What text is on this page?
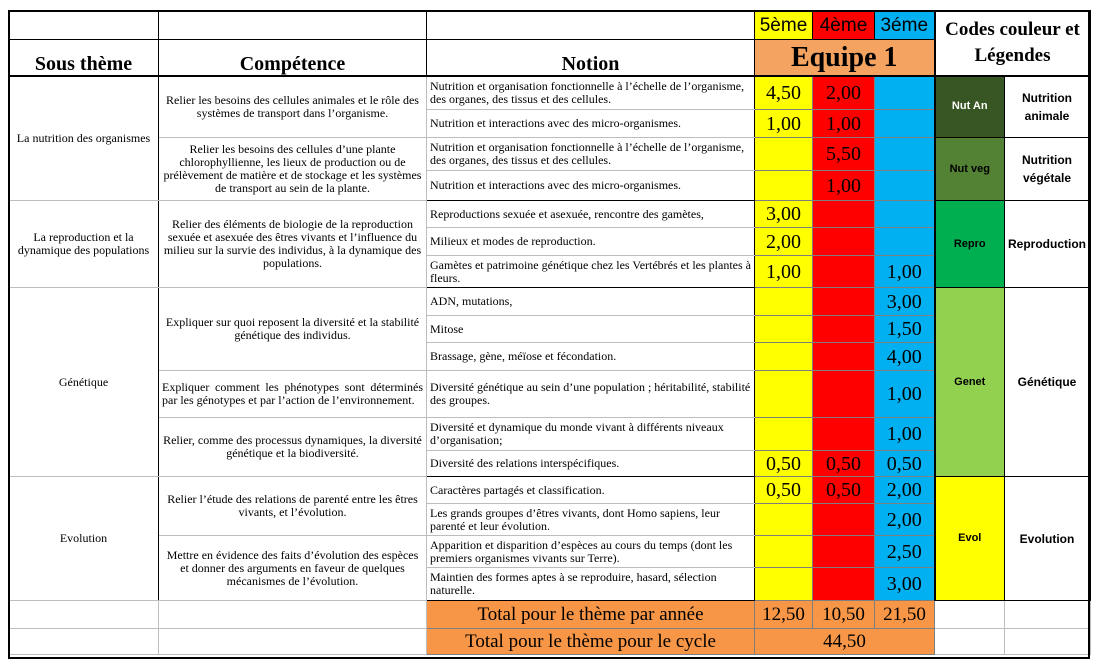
			5ème	4ème	3éme	Codes couleur et Légendes	
Sous thème	Compétence	Notion	Equipe 1				
La nutrition des organismes	Relier les besoins des cellules animales et le rôle des systèmes de transport dans l’organisme.	Nutrition et organisation fonctionnelle à l’échelle de l’organisme, des organes, des tissus et des cellules.	4,50	2,00		Nut An	Nutrition animale
		Nutrition et interactions avec des micro-organismes.	1,00	1,00			
	Relier les besoins des cellules d’une plante chlorophyllienne, les lieux de production ou de prélèvement de matière et de stockage et les systèmes de transport au sein de la plante.	Nutrition et organisation fonctionnelle à l’échelle de l’organisme, des organes, des tissus et des cellules.		5,50		Nut veg	Nutrition végétale
		Nutrition et interactions avec des micro-organismes.		1,00			
La reproduction et la dynamique des populations	Relier des éléments de biologie de la reproduction sexuée et asexuée des êtres vivants et l’influence du milieu sur la survie des individus, à la dynamique des populations.	Reproductions sexuée et asexuée, rencontre des gamètes,	3,00			Repro	Reproduction
		Milieux et modes de reproduction.	2,00				
		Gamètes et patrimoine génétique chez les Vertébrés et les plantes à fleurs.	1,00		1,00		
Génétique	Expliquer sur quoi reposent la diversité et la stabilité génétique des individus.	ADN, mutations,			3,00	Genet	Génétique
		Mitose			1,50		
		Brassage, gène, méïose et fécondation.			4,00		
	Expliquer comment les phénotypes sont déterminés par les génotypes et par l’action de l’environnement.	Diversité génétique au sein d’une population ; héritabilité, stabilité des groupes.			1,00		
	Relier, comme des processus dynamiques, la diversité génétique et la biodiversité.	Diversité et dynamique du monde vivant à différents niveaux d’organisation;			1,00		
		Diversité des relations interspécifiques.	0,50	0,50	0,50		
Evolution	Relier l’étude des relations de parenté entre les êtres vivants, et l’évolution.	Caractères partagés et classification.	0,50	0,50	2,00	Evol	Evolution
		Les grands groupes d’êtres vivants, dont Homo sapiens, leur parenté et leur évolution.			2,00		
	Mettre en évidence des faits d’évolution des espèces et donner des arguments en faveur de quelques mécanismes de l’évolution.	Apparition et disparition d’espèces au cours du temps (dont les premiers organismes vivants sur Terre).			2,50		
		Maintien des formes aptes à se reproduire, hasard, sélection naturelle.			3,00		
		Total pour le thème par année	12,50	10,50	21,50		
		Total pour le thème pour le cycle	44,50				
